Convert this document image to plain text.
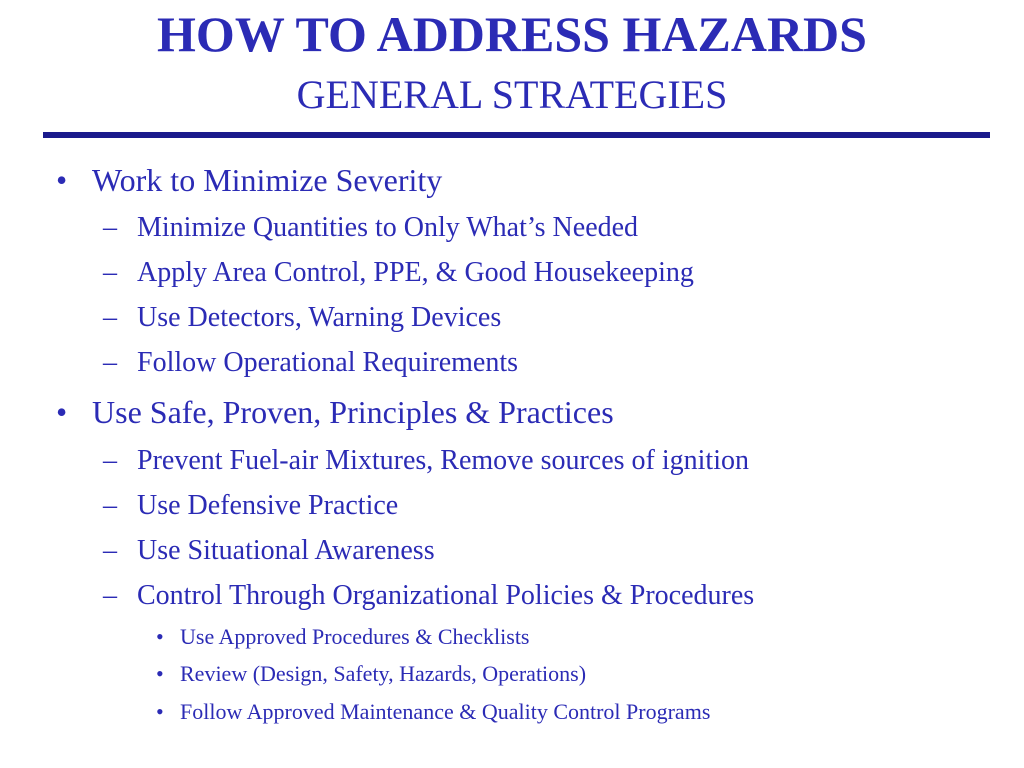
HOW TO ADDRESS HAZARDS
GENERAL STRATEGIES
• Work to Minimize Severity
– Minimize Quantities to Only What’s Needed
– Apply Area Control, PPE, & Good Housekeeping
– Use Detectors, Warning Devices
– Follow Operational Requirements
• Use Safe, Proven, Principles & Practices
– Prevent Fuel-air Mixtures, Remove sources of ignition
– Use Defensive Practice
– Use Situational Awareness
– Control Through Organizational Policies & Procedures
• Use Approved Procedures & Checklists
• Review (Design, Safety, Hazards, Operations)
• Follow Approved Maintenance & Quality Control Programs
